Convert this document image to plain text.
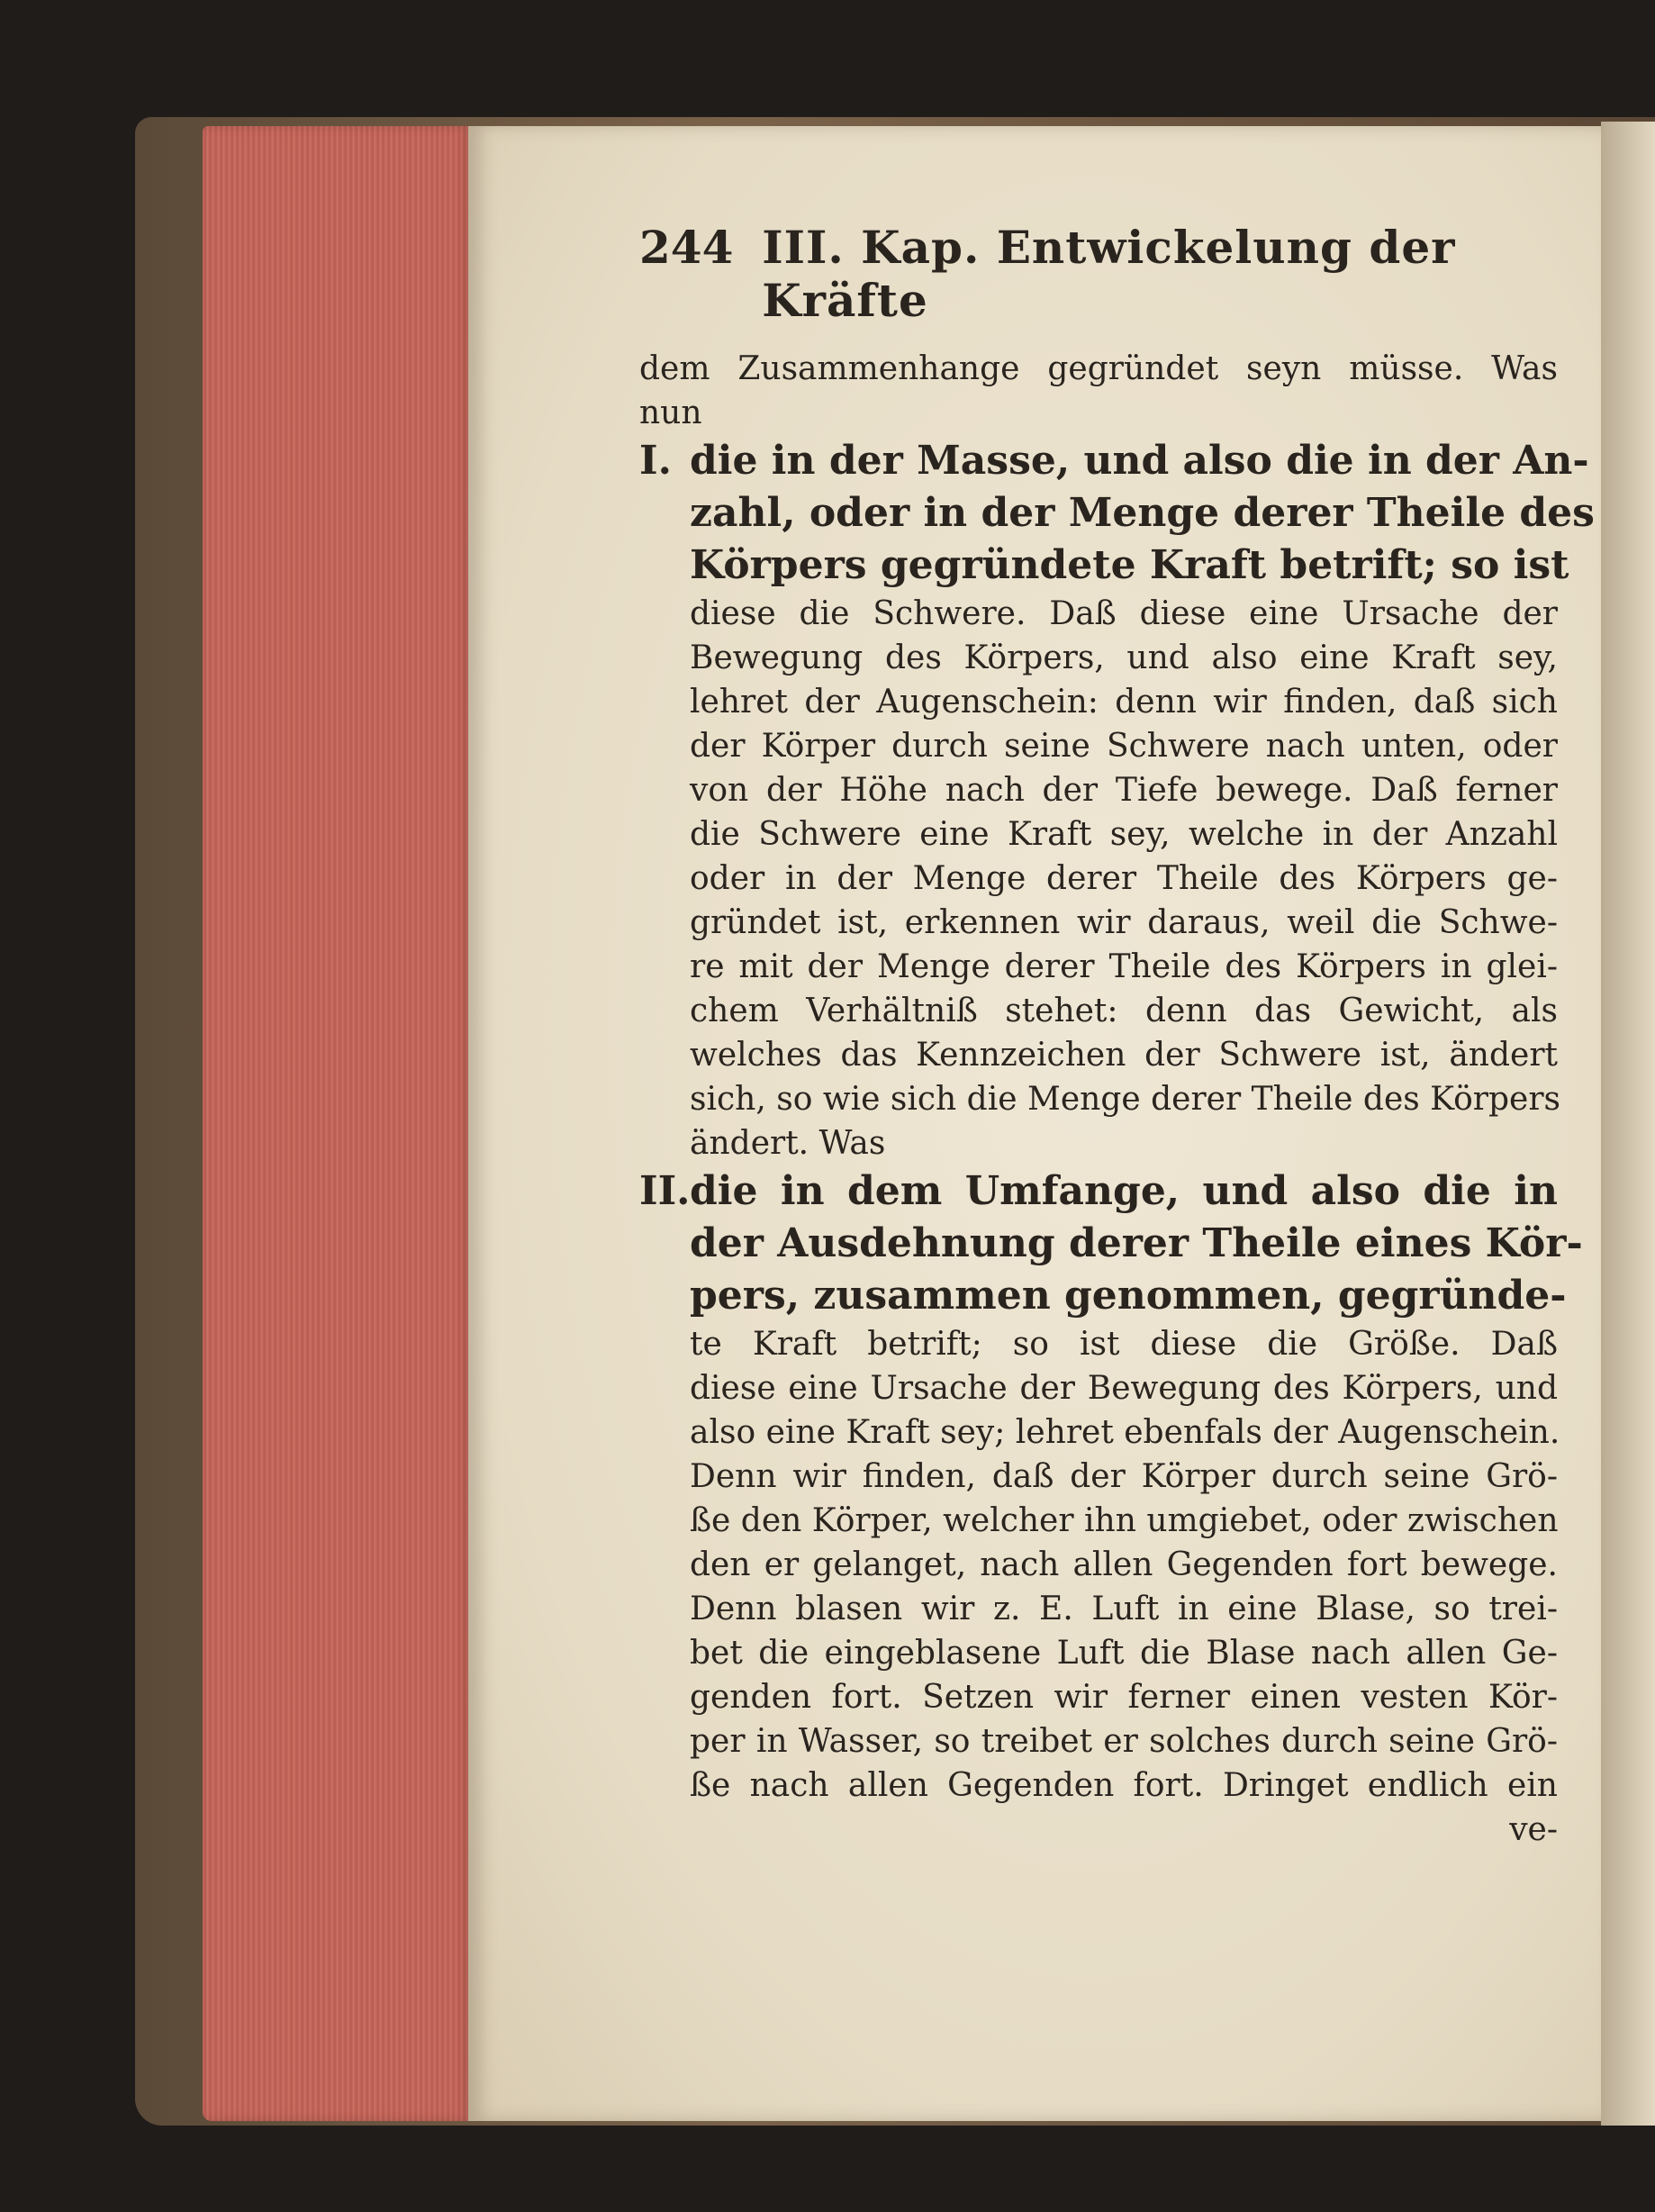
244 III. Kap. Entwickelung der Kräfte
dem Zusammenhange gegründet seyn müsse. Was
nun
I. die in der Masse, und also die in der An-
zahl, oder in der Menge derer Theile des
Körpers gegründete Kraft betrift; so ist
diese die Schwere. Daß diese eine Ursache der
Bewegung des Körpers, und also eine Kraft sey,
lehret der Augenschein: denn wir finden, daß sich
der Körper durch seine Schwere nach unten, oder
von der Höhe nach der Tiefe bewege. Daß ferner
die Schwere eine Kraft sey, welche in der Anzahl
oder in der Menge derer Theile des Körpers ge-
gründet ist, erkennen wir daraus, weil die Schwe-
re mit der Menge derer Theile des Körpers in glei-
chem Verhältniß stehet: denn das Gewicht, als
welches das Kennzeichen der Schwere ist, ändert
sich, so wie sich die Menge derer Theile des Körpers
ändert. Was
II. die in dem Umfange, und also die in
der Ausdehnung derer Theile eines Kör-
pers, zusammen genommen, gegründe-
te Kraft betrift; so ist diese die Größe. Daß
diese eine Ursache der Bewegung des Körpers, und
also eine Kraft sey; lehret ebenfals der Augenschein.
Denn wir finden, daß der Körper durch seine Grö-
ße den Körper, welcher ihn umgiebet, oder zwischen
den er gelanget, nach allen Gegenden fort bewege.
Denn blasen wir z. E. Luft in eine Blase, so trei-
bet die eingeblasene Luft die Blase nach allen Ge-
genden fort. Setzen wir ferner einen vesten Kör-
per in Wasser, so treibet er solches durch seine Grö-
ße nach allen Gegenden fort. Dringet endlich ein
ve-
